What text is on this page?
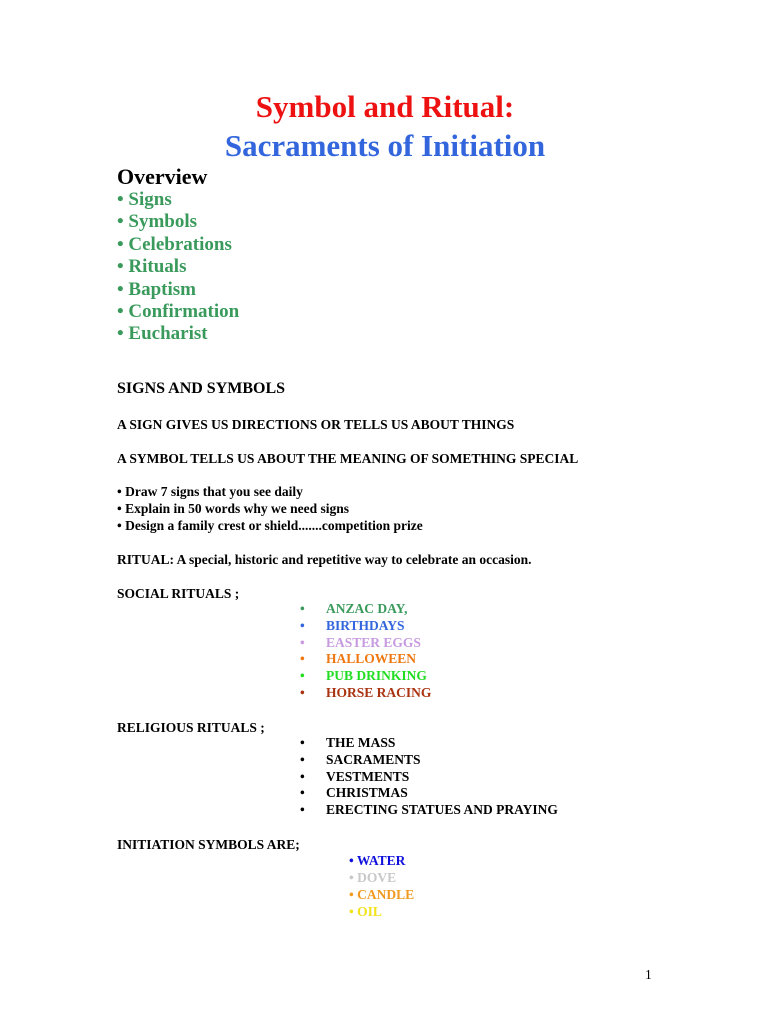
Symbol and Ritual:
Sacraments of Initiation
Overview
• Signs
• Symbols
• Celebrations
• Rituals
• Baptism
• Confirmation
• Eucharist
SIGNS AND SYMBOLS
A SIGN GIVES US DIRECTIONS OR TELLS US ABOUT THINGS
A SYMBOL TELLS US ABOUT THE MEANING OF SOMETHING SPECIAL
• Draw 7 signs that you see daily
• Explain in 50 words why we need signs
• Design a family crest or shield.......competition prize
RITUAL: A special, historic and repetitive way to celebrate an occasion.
SOCIAL RITUALS ;
•	ANZAC DAY,
•	BIRTHDAYS
•	EASTER EGGS
•	HALLOWEEN
•	PUB DRINKING
•	HORSE RACING
RELIGIOUS RITUALS ;
•	THE MASS
•	SACRAMENTS
•	VESTMENTS
•	CHRISTMAS
•	ERECTING STATUES AND PRAYING
INITIATION SYMBOLS ARE;
• WATER
• DOVE
• CANDLE
• OIL
1
